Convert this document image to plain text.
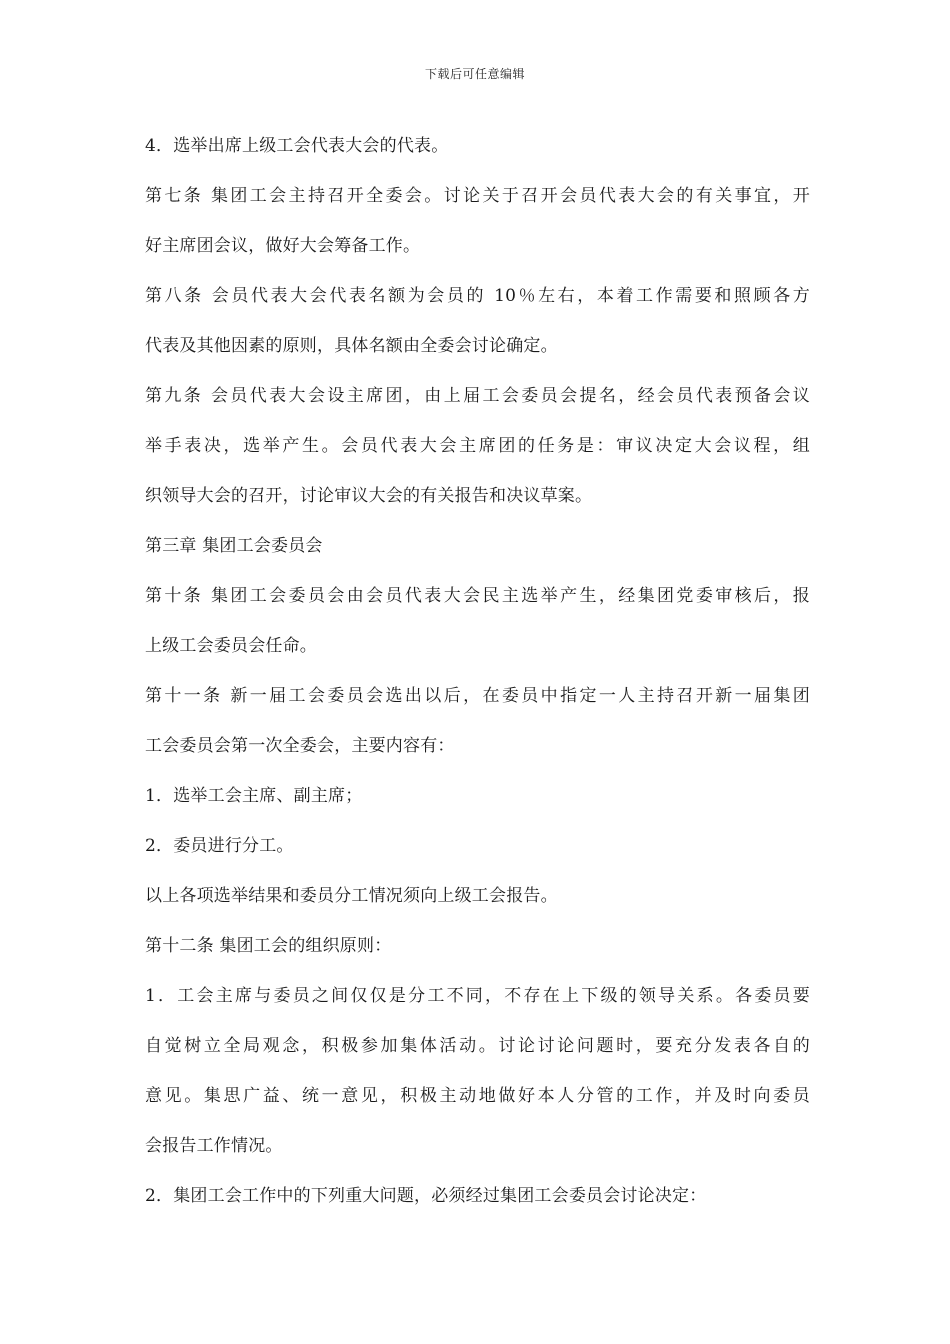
下载后可任意编辑
4．选举出席上级工会代表大会的代表。
第七条 集团工会主持召开全委会。讨论关于召开会员代表大会的有关事宜，开
好主席团会议，做好大会筹备工作。
第八条 会员代表大会代表名额为会员的 10％左右，本着工作需要和照顾各方
代表及其他因素的原则，具体名额由全委会讨论确定。
第九条 会员代表大会设主席团，由上届工会委员会提名，经会员代表预备会议
举手表决，选举产生。会员代表大会主席团的任务是：审议决定大会议程，组
织领导大会的召开，讨论审议大会的有关报告和决议草案。
第三章 集团工会委员会
第十条 集团工会委员会由会员代表大会民主选举产生，经集团党委审核后，报
上级工会委员会任命。
第十一条 新一届工会委员会选出以后，在委员中指定一人主持召开新一届集团
工会委员会第一次全委会，主要内容有：
1．选举工会主席、副主席；
2．委员进行分工。
以上各项选举结果和委员分工情况须向上级工会报告。
第十二条 集团工会的组织原则：
1．工会主席与委员之间仅仅是分工不同，不存在上下级的领导关系。各委员要
自觉树立全局观念，积极参加集体活动。讨论讨论问题时，要充分发表各自的
意见。集思广益、统一意见，积极主动地做好本人分管的工作，并及时向委员
会报告工作情况。
2．集团工会工作中的下列重大问题，必须经过集团工会委员会讨论决定：
